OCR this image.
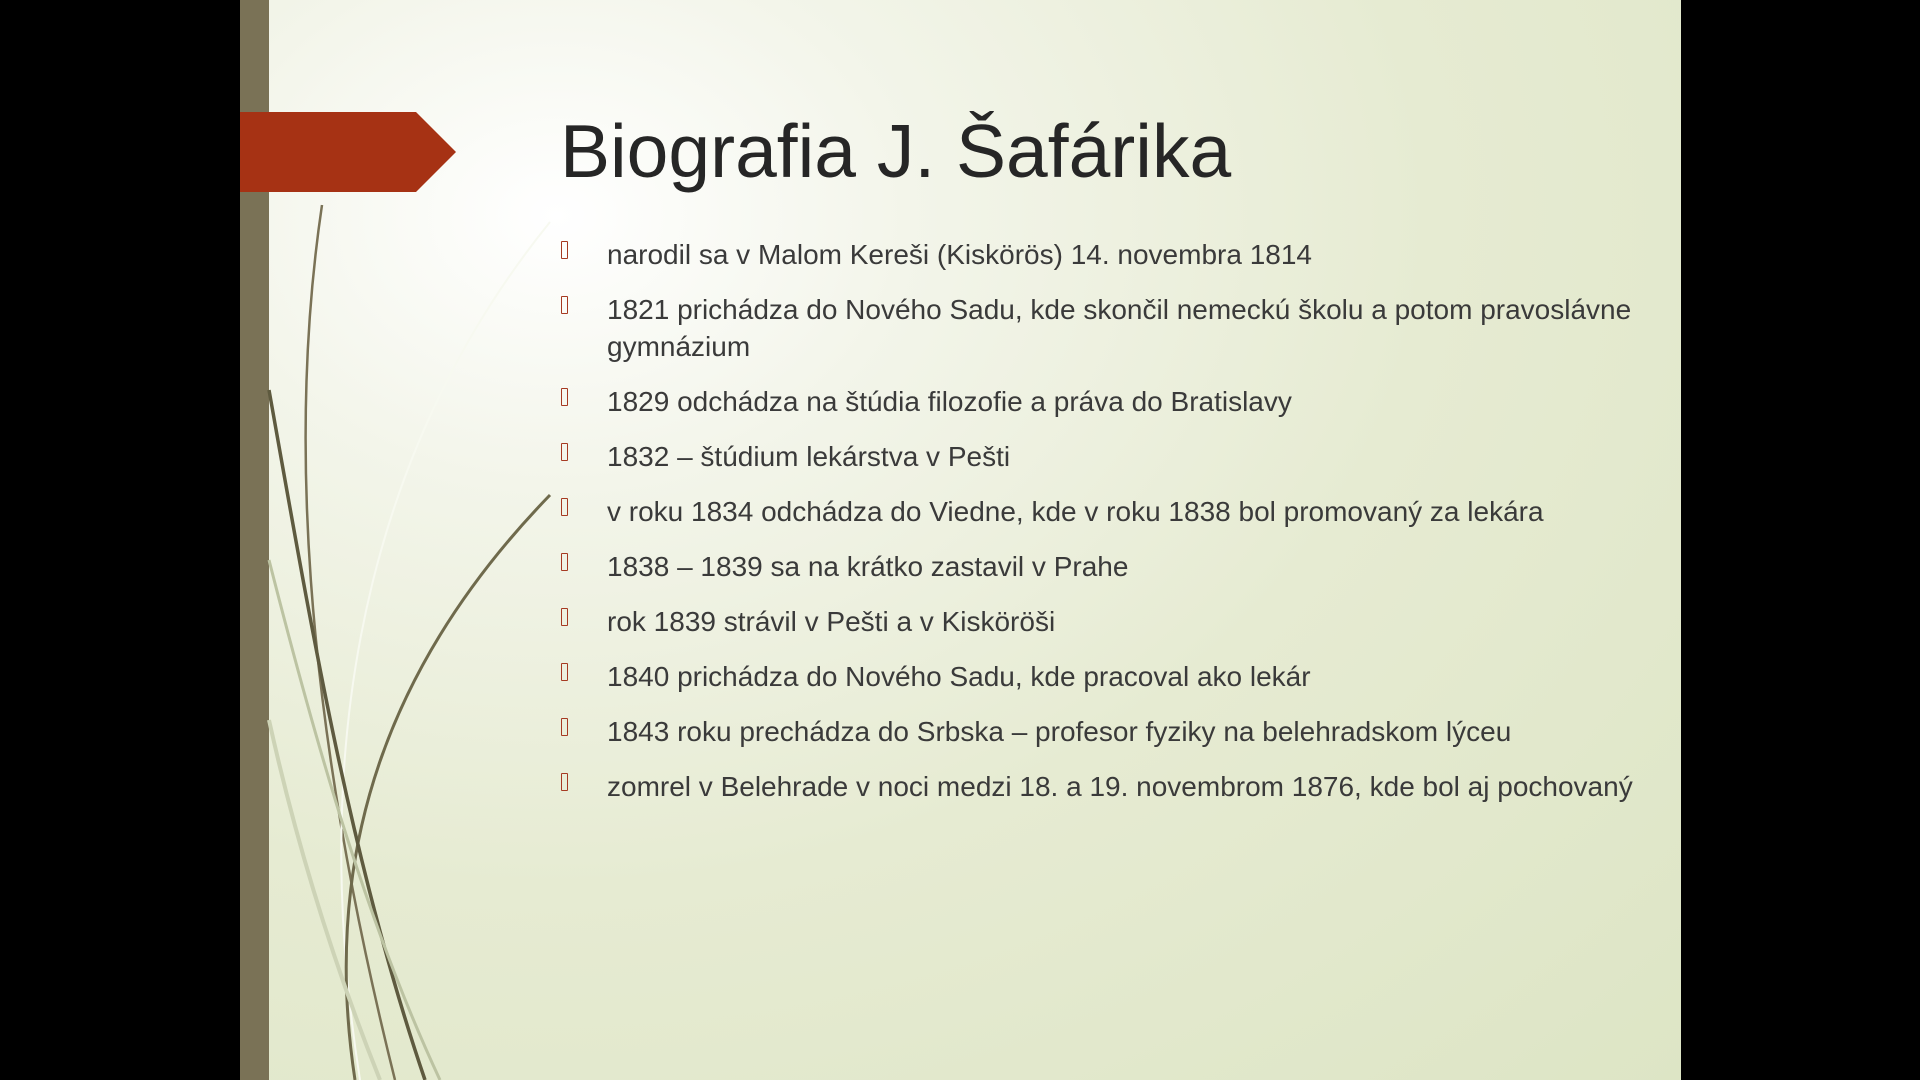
Biografia J. Šafárika
narodil sa v Malom Kereši (Kiskörös) 14. novembra 1814
1821 prichádza do Nového Sadu, kde skončil nemeckú školu a potom pravoslávne gymnázium
1829 odchádza na štúdia filozofie a práva do Bratislavy
1832 – štúdium lekárstva v Pešti
v roku 1834 odchádza do Viedne, kde v roku 1838 bol promovaný za lekára
1838 – 1839 sa na krátko zastavil v Prahe
rok 1839 strávil v Pešti a v Kisköröši
1840 prichádza do Nového Sadu, kde pracoval ako lekár
1843 roku prechádza do Srbska – profesor fyziky na belehradskom lýceu
zomrel v Belehrade v noci medzi 18. a 19. novembrom 1876, kde bol aj pochovaný
